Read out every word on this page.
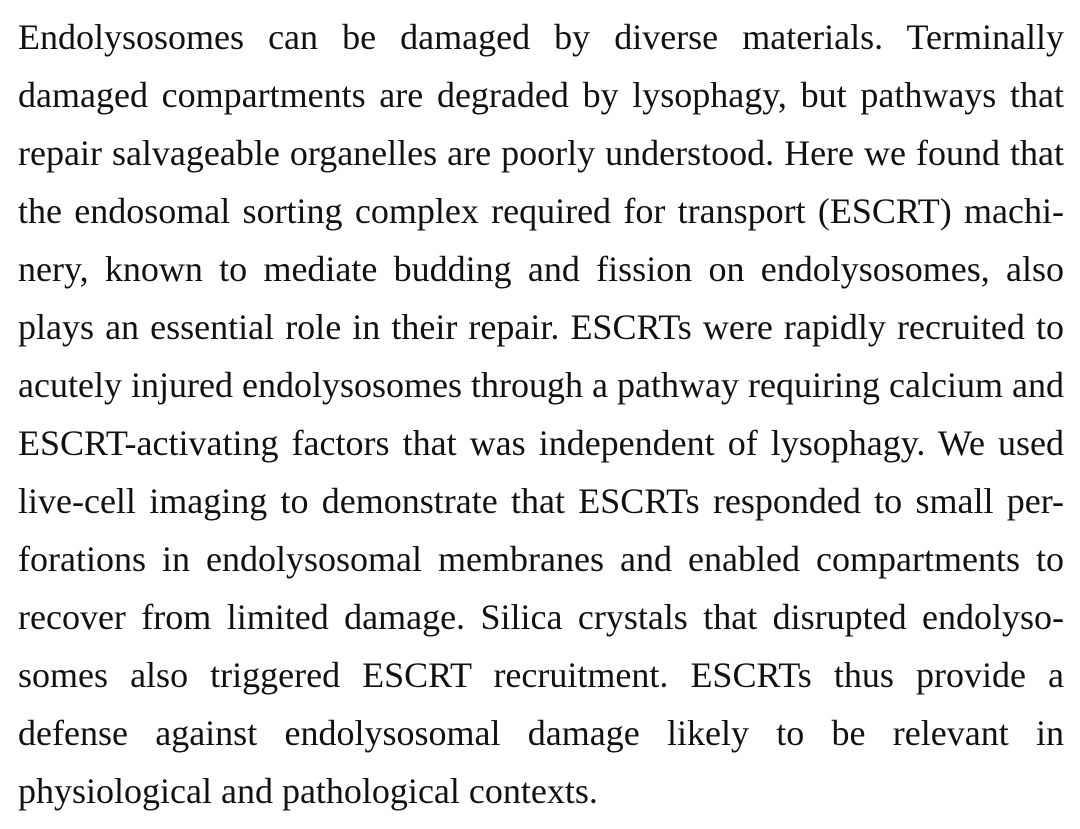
Endolysosomes can be damaged by diverse materials. Terminally
damaged compartments are degraded by lysophagy, but pathways that
repair salvageable organelles are poorly understood. Here we found that
the endosomal sorting complex required for transport (ESCRT) machi-
nery, known to mediate budding and fission on endolysosomes, also
plays an essential role in their repair. ESCRTs were rapidly recruited to
acutely injured endolysosomes through a pathway requiring calcium and
ESCRT-activating factors that was independent of lysophagy. We used
live-cell imaging to demonstrate that ESCRTs responded to small per-
forations in endolysosomal membranes and enabled compartments to
recover from limited damage. Silica crystals that disrupted endolyso-
somes also triggered ESCRT recruitment. ESCRTs thus provide a
defense against endolysosomal damage likely to be relevant in
physiological and pathological contexts.
